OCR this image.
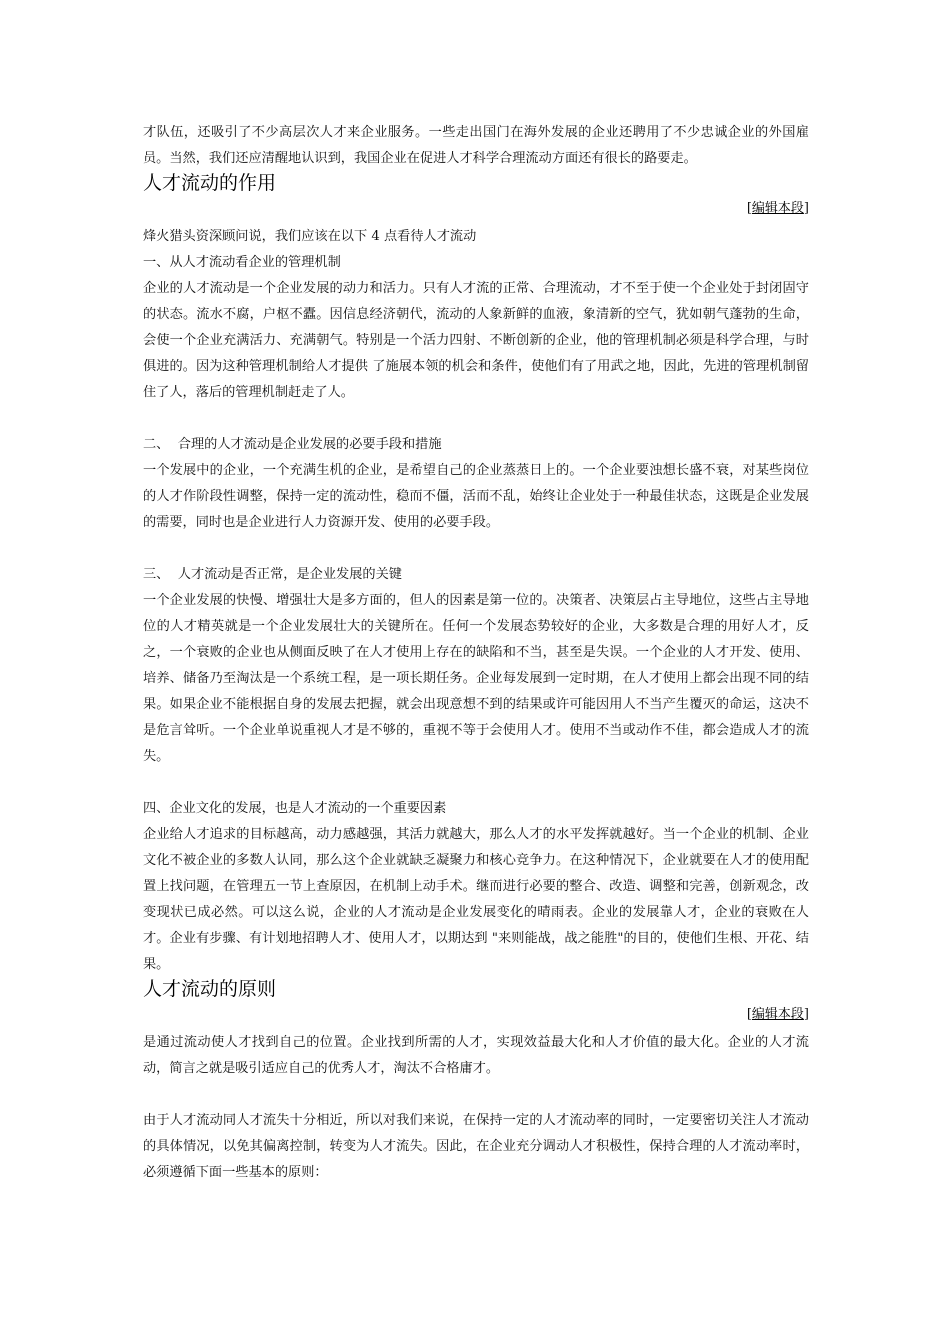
才队伍，还吸引了不少高层次人才来企业服务。一些走出国门在海外发展的企业还聘用了不少忠诚企业的外国雇员。当然，我们还应清醒地认识到，我国企业在促进人才科学合理流动方面还有很长的路要走。

人才流动的作用
[编辑本段]

烽火猎头资深顾问说，我们应该在以下 4 点看待人才流动

一、从人才流动看企业的管理机制

企业的人才流动是一个企业发展的动力和活力。只有人才流的正常、合理流动，才不至于使一个企业处于封闭固守的状态。流水不腐，户枢不蠹。因信息经济朝代，流动的人象新鲜的血液，象清新的空气，犹如朝气蓬勃的生命，会使一个企业充满活力、充满朝气。特别是一个活力四射、不断创新的企业，他的管理机制必须是科学合理，与时俱进的。因为这种管理机制给人才提供 了施展本领的机会和条件，使他们有了用武之地，因此，先进的管理机制留住了人，落后的管理机制赶走了人。

二、  合理的人才流动是企业发展的必要手段和措施

一个发展中的企业，一个充满生机的企业，是希望自己的企业蒸蒸日上的。一个企业要浊想长盛不衰，对某些岗位的人才作阶段性调整，保持一定的流动性，稳而不僵，活而不乱，始终让企业处于一种最佳状态，这既是企业发展的需要，同时也是企业进行人力资源开发、使用的必要手段。

三、  人才流动是否正常，是企业发展的关键

一个企业发展的快慢、增强壮大是多方面的，但人的因素是第一位的。决策者、决策层占主导地位，这些占主导地位的人才精英就是一个企业发展壮大的关键所在。任何一个发展态势较好的企业，大多数是合理的用好人才，反之，一个衰败的企业也从侧面反映了在人才使用上存在的缺陷和不当，甚至是失误。一个企业的人才开发、使用、培养、储备乃至淘汰是一个系统工程，是一项长期任务。企业每发展到一定时期，在人才使用上都会出现不同的结果。如果企业不能根据自身的发展去把握，就会出现意想不到的结果或许可能因用人不当产生覆灭的命运，这决不是危言耸听。一个企业单说重视人才是不够的，重视不等于会使用人才。使用不当或动作不佳，都会造成人才的流失。

四、企业文化的发展，也是人才流动的一个重要因素

企业给人才追求的目标越高，动力感越强，其活力就越大，那么人才的水平发挥就越好。当一个企业的机制、企业文化不被企业的多数人认同，那么这个企业就缺乏凝聚力和核心竞争力。在这种情况下，企业就要在人才的使用配置上找问题，在管理五一节上查原因，在机制上动手术。继而进行必要的整合、改造、调整和完善，创新观念，改变现状已成必然。可以这么说，企业的人才流动是企业发展变化的晴雨表。企业的发展靠人才，企业的衰败在人才。企业有步骤、有计划地招聘人才、使用人才，以期达到 "来则能战，战之能胜"的目的，使他们生根、开花、结果。

人才流动的原则
[编辑本段]

是通过流动使人才找到自己的位置。企业找到所需的人才，实现效益最大化和人才价值的最大化。企业的人才流动，简言之就是吸引适应自己的优秀人才，淘汰不合格庸才。

由于人才流动同人才流失十分相近，所以对我们来说，在保持一定的人才流动率的同时，一定要密切关注人才流动的具体情况，以免其偏离控制，转变为人才流失。因此，在企业充分调动人才积极性，保持合理的人才流动率时，必须遵循下面一些基本的原则：
